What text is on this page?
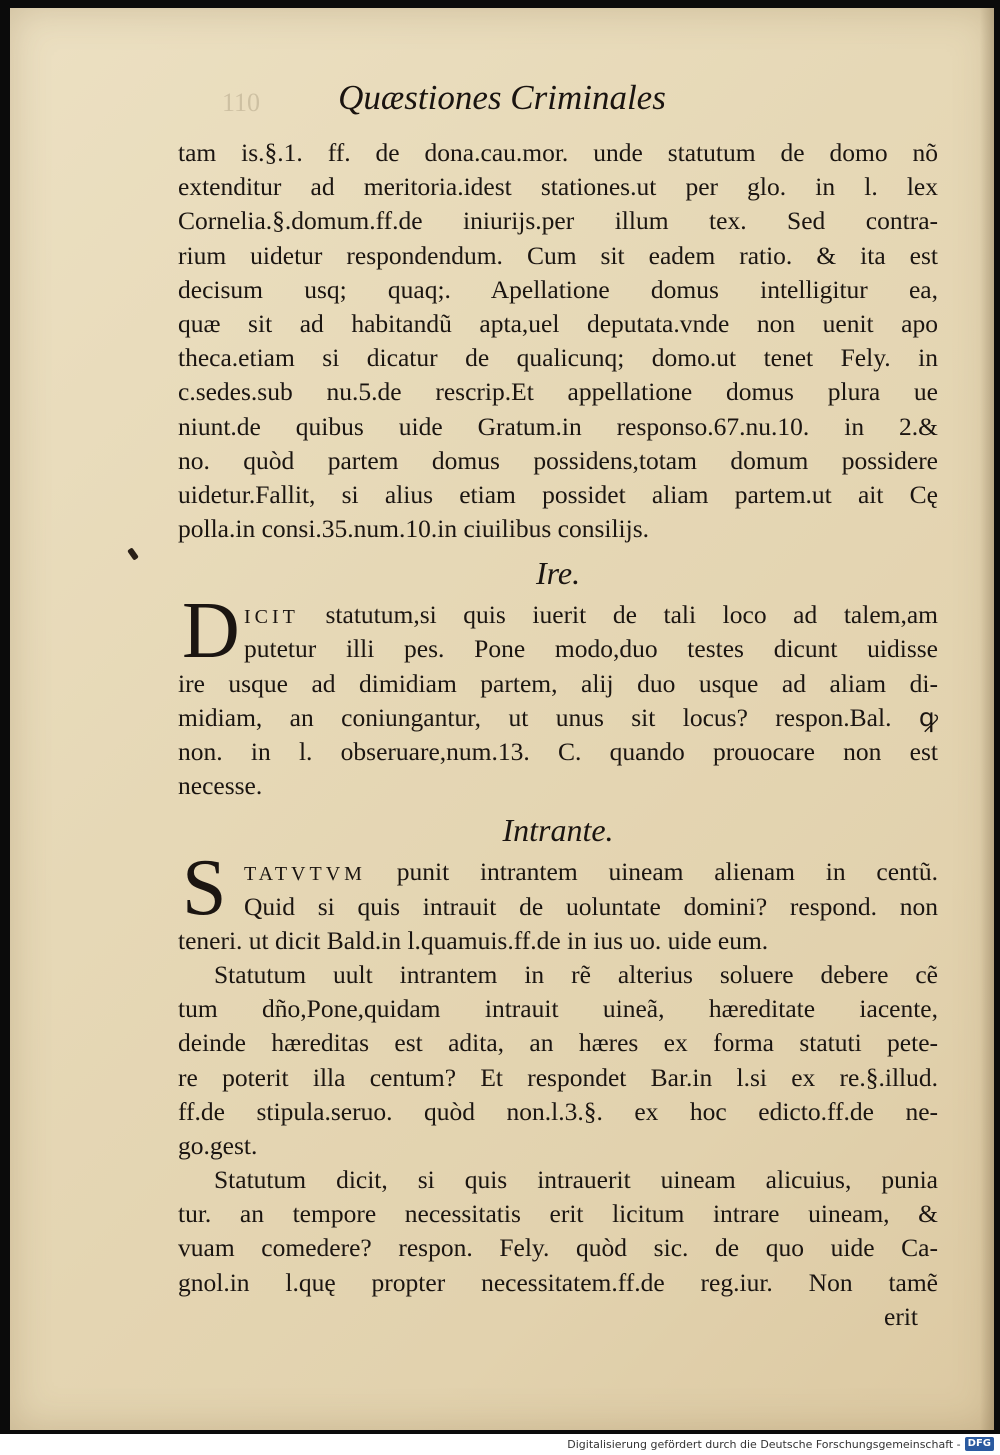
110	Quæstiones Criminales
tam is.§.1. ff. de dona.cau.mor. unde statutum de domo nõ
extenditur ad meritoria.idest stationes.ut per glo. in l. lex
Cornelia.§.domum.ff.de iniurijs.per illum tex. Sed contra-
rium uidetur respondendum. Cum sit eadem ratio. & ita est
decisum usq; quaq;. Apellatione domus intelligitur ea,
quæ sit ad habitandũ apta,uel deputata.vnde non uenit apo
theca.etiam si dicatur de qualicunq; domo.ut tenet Fely. in
c.sedes.sub nu.5.de rescrip.Et appellatione domus plura ue
niunt.de quibus uide Gratum.in responso.67.nu.10. in 2.&
no. quòd partem domus possidens,totam domum possidere
uidetur.Fallit, si alius etiam possidet aliam partem.ut ait Cę
polla.in consi.35.num.10.in ciuilibus consilijs.
Ire.
D ICIT statutum,si quis iuerit de tali loco ad talem,am
putetur illi pes. Pone modo,duo testes dicunt uidisse
ire usque ad dimidiam partem, alij duo usque ad aliam di-
midiam, an coniungantur, ut unus sit locus? respon.Bal. ꝙ
non. in l. obseruare,num.13. C. quando prouocare non est
necesse.
Intrante.
S TATVTVM punit intrantem uineam alienam in centũ.
Quid si quis intrauit de uoluntate domini? respond. non
teneri. ut dicit Bald.in l.quamuis.ff.de in ius uo. uide eum.
Statutum uult intrantem in rẽ alterius soluere debere cẽ
tum dño,Pone,quidam intrauit uineã, hæreditate iacente,
deinde hæreditas est adita, an hæres ex forma statuti pete-
re poterit illa centum? Et respondet Bar.in l.si ex re.§.illud.
ff.de stipula.seruo. quòd non.l.3.§. ex hoc edicto.ff.de ne-
go.gest.
Statutum dicit, si quis intrauerit uineam alicuius, punia
tur. an tempore necessitatis erit licitum intrare uineam, &
vuam comedere? respon. Fely. quòd sic. de quo uide Ca-
gnol.in l.quę propter necessitatem.ff.de reg.iur. Non tamẽ
erit
Digitalisierung gefördert durch die Deutsche Forschungsgemeinschaft - DFG
